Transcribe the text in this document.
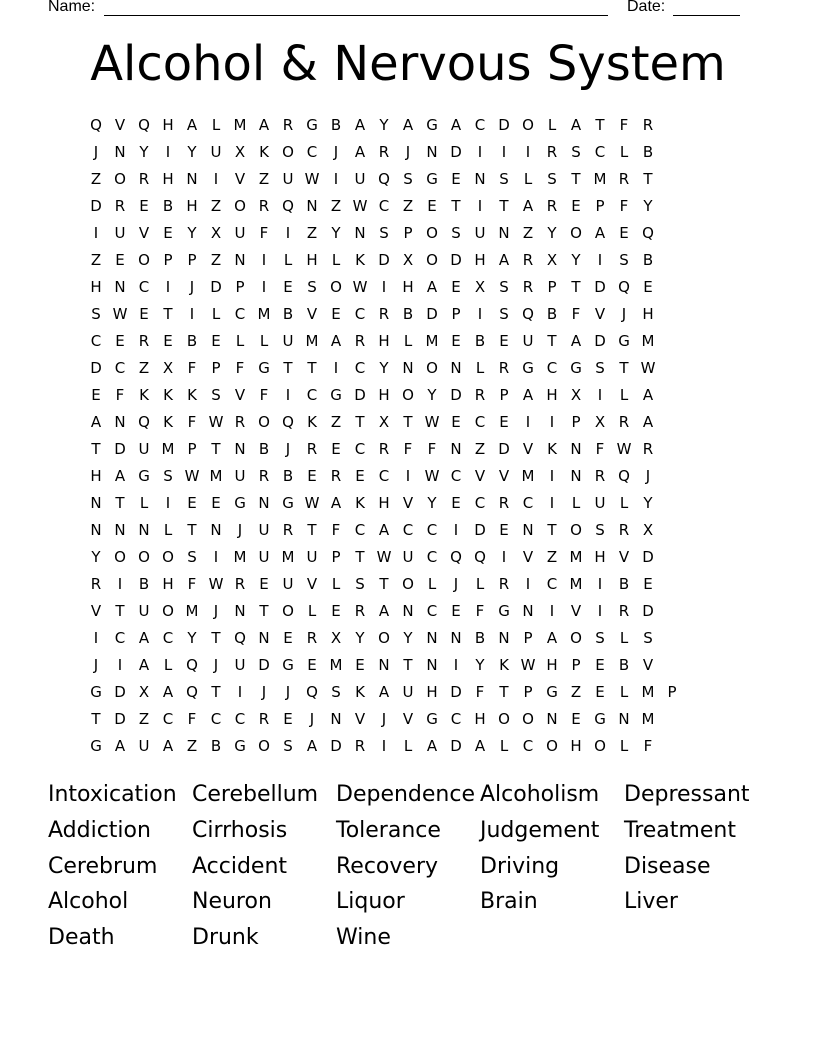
Name:	Date:
Alcohol & Nervous System
Q V Q H A L M A R G B A Y A G A C D O L A T	F R
J	N Y	I	Y U X K O C	J	A R	J	N D	I	I	I	R S C L B
Z O R H N	I	V Z U W I	U Q S G E N S	L	S T M R T
D R E B H Z O R Q N Z W C Z E T	I	T A R E P	F	Y
I	U V E Y X U F	I	Z Y N S P O S U N Z Y O A E Q
Z E O P P Z N	I	L H L K D X O D H A R X Y	I	S B
H N C	I	J	D P	I	E S O W I	H A E X S R P T D Q E
S W E T	I	L C M B V E C R B D P	I	S Q B F V	J	H
C E R E B E	L	L U M A R H L M E B E U T A D G M
D C Z X F	P	F G T T	I	C Y N O N L R G C G S T W
E F K K K S V F	I	C G D H O Y D R P A H X	I	L A
A N Q K F W R O Q K Z T X T W E C E	I	I	P X R A
T D U M P T N B	J	R E C R F	F N Z D V K N F W R
H A G S W M U R B E R E C	I W C V V M	I	N R Q	J
N T	L	I	E E G N G W A K H V Y E C R C	I	L U L	Y
N N N L	T N	J	U R T	F C A C C	I	D E N T O S R X
Y O O O S	I	M U M U P T W U C Q Q	I	V Z M H V D
R	I	B H F W R E U V L	S T O L	J	L R	I	C M	I	B E
V T U O M	J	N T O L	E R A N C E F G N	I	V	I	R D
I	C A C Y T Q N E R X Y O Y N N B N P A O S	L	S
J	I	A L Q	J	U D G E M E N T N	I	Y K W H P E B V
G D X A Q T	I	J	J	Q S K A U H D F	T P G Z E	L M P
T D Z C F C C R E	J	N V	J	V G C H O O N E G N M
G A U A Z B G O S A D R	I	L A D A L C O H O L	F
Intoxication Cerebellum Dependence Alcoholism	Depressant
Addiction	Cirrhosis	Tolerance	Judgement	Treatment
Cerebrum	Accident	Recovery	Driving	Disease
Alcohol	Neuron	Liquor	Brain	Liver
Death	Drunk	Wine
